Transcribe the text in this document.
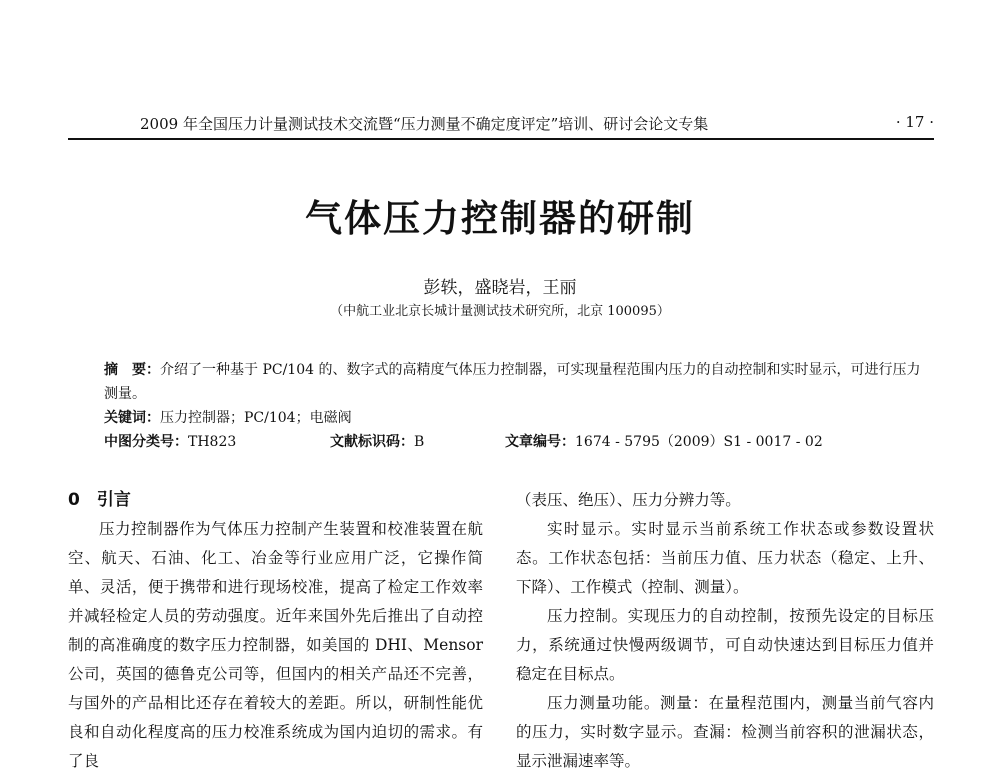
2009 年全国压力计量测试技术交流暨“压力测量不确定度评定”培训、研讨会论文专集	· 17 ·
气体压力控制器的研制
彭轶，盛晓岩，王丽
（中航工业北京长城计量测试技术研究所，北京 100095）

摘　要：介绍了一种基于 PC/104 的、数字式的高精度气体压力控制器，可实现量程范围内压力的自动控制和实时显示，可进行压力测量。

关键词：压力控制器；PC/104；电磁阀

中图分类号：TH823	文献标识码：B	文章编号：1674 - 5795（2009）S1 - 0017 - 02

0　引言

压力控制器作为气体压力控制产生装置和校准装置在航空、航天、石油、化工、冶金等行业应用广泛，它操作简单、灵活，便于携带和进行现场校准，提高了检定工作效率并减轻检定人员的劳动强度。近年来国外先后推出了自动控制的高准确度的数字压力控制器，如美国的 DHI、Mensor 公司，英国的德鲁克公司等，但国内的相关产品还不完善，与国外的产品相比还存在着较大的差距。所以，研制性能优良和自动化程度高的压力校准系统成为国内迫切的需求。有了良

（表压、绝压）、压力分辨力等。

实时显示。实时显示当前系统工作状态或参数设置状态。工作状态包括：当前压力值、压力状态（稳定、上升、下降）、工作模式（控制、测量）。

压力控制。实现压力的自动控制，按预先设定的目标压力，系统通过快慢两级调节，可自动快速达到目标压力值并稳定在目标点。

压力测量功能。测量：在量程范围内，测量当前气容内的压力，实时数字显示。查漏：检测当前容积的泄漏状态，显示泄漏速率等。
